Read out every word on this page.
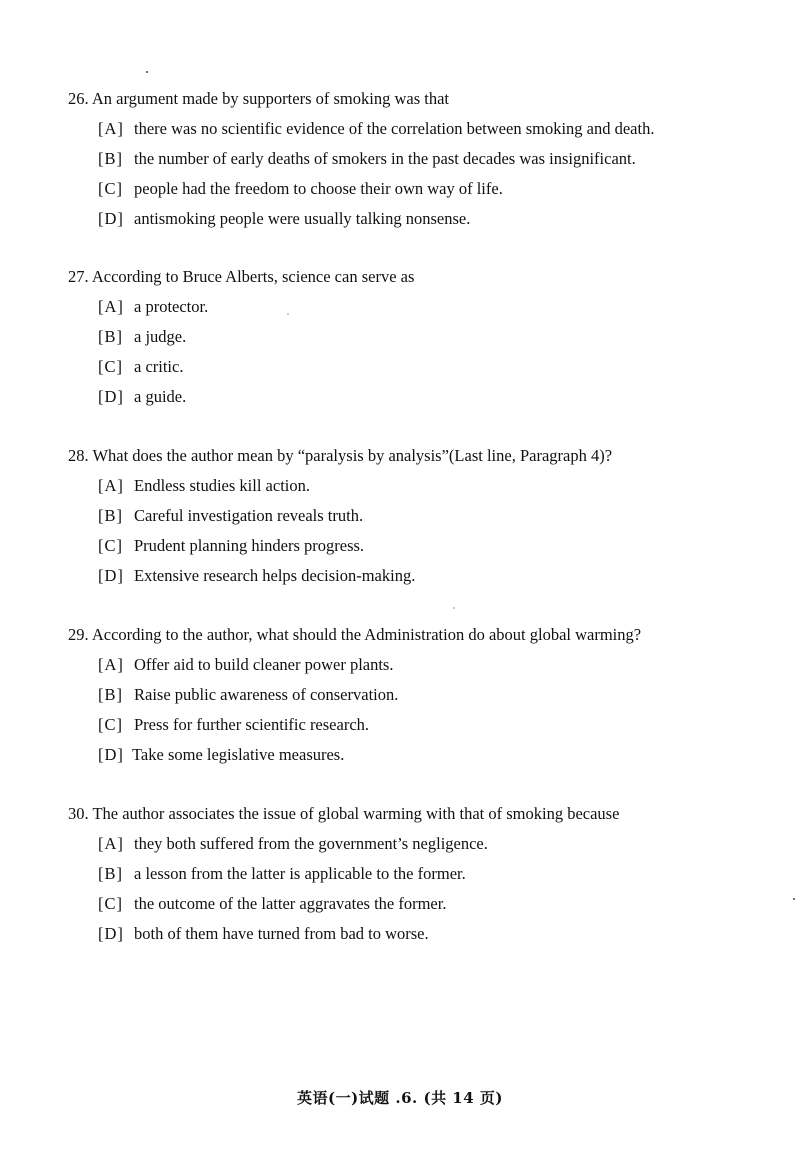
26. An argument made by supporters of smoking was that
[A] there was no scientific evidence of the correlation between smoking and death.
[B] the number of early deaths of smokers in the past decades was insignificant.
[C] people had the freedom to choose their own way of life.
[D] antismoking people were usually talking nonsense.
27. According to Bruce Alberts, science can serve as
[A] a protector.
[B] a judge.
[C] a critic.
[D] a guide.
28. What does the author mean by “paralysis by analysis”(Last line, Paragraph 4)?
[A] Endless studies kill action.
[B] Careful investigation reveals truth.
[C] Prudent planning hinders progress.
[D] Extensive research helps decision-making.
29. According to the author, what should the Administration do about global warming?
[A] Offer aid to build cleaner power plants.
[B] Raise public awareness of conservation.
[C] Press for further scientific research.
[D] Take some legislative measures.
30. The author associates the issue of global warming with that of smoking because
[A] they both suffered from the government’s negligence.
[B] a lesson from the latter is applicable to the former.
[C] the outcome of the latter aggravates the former.
[D] both of them have turned from bad to worse.
英语(一)试题 .6. (共 14 页)
